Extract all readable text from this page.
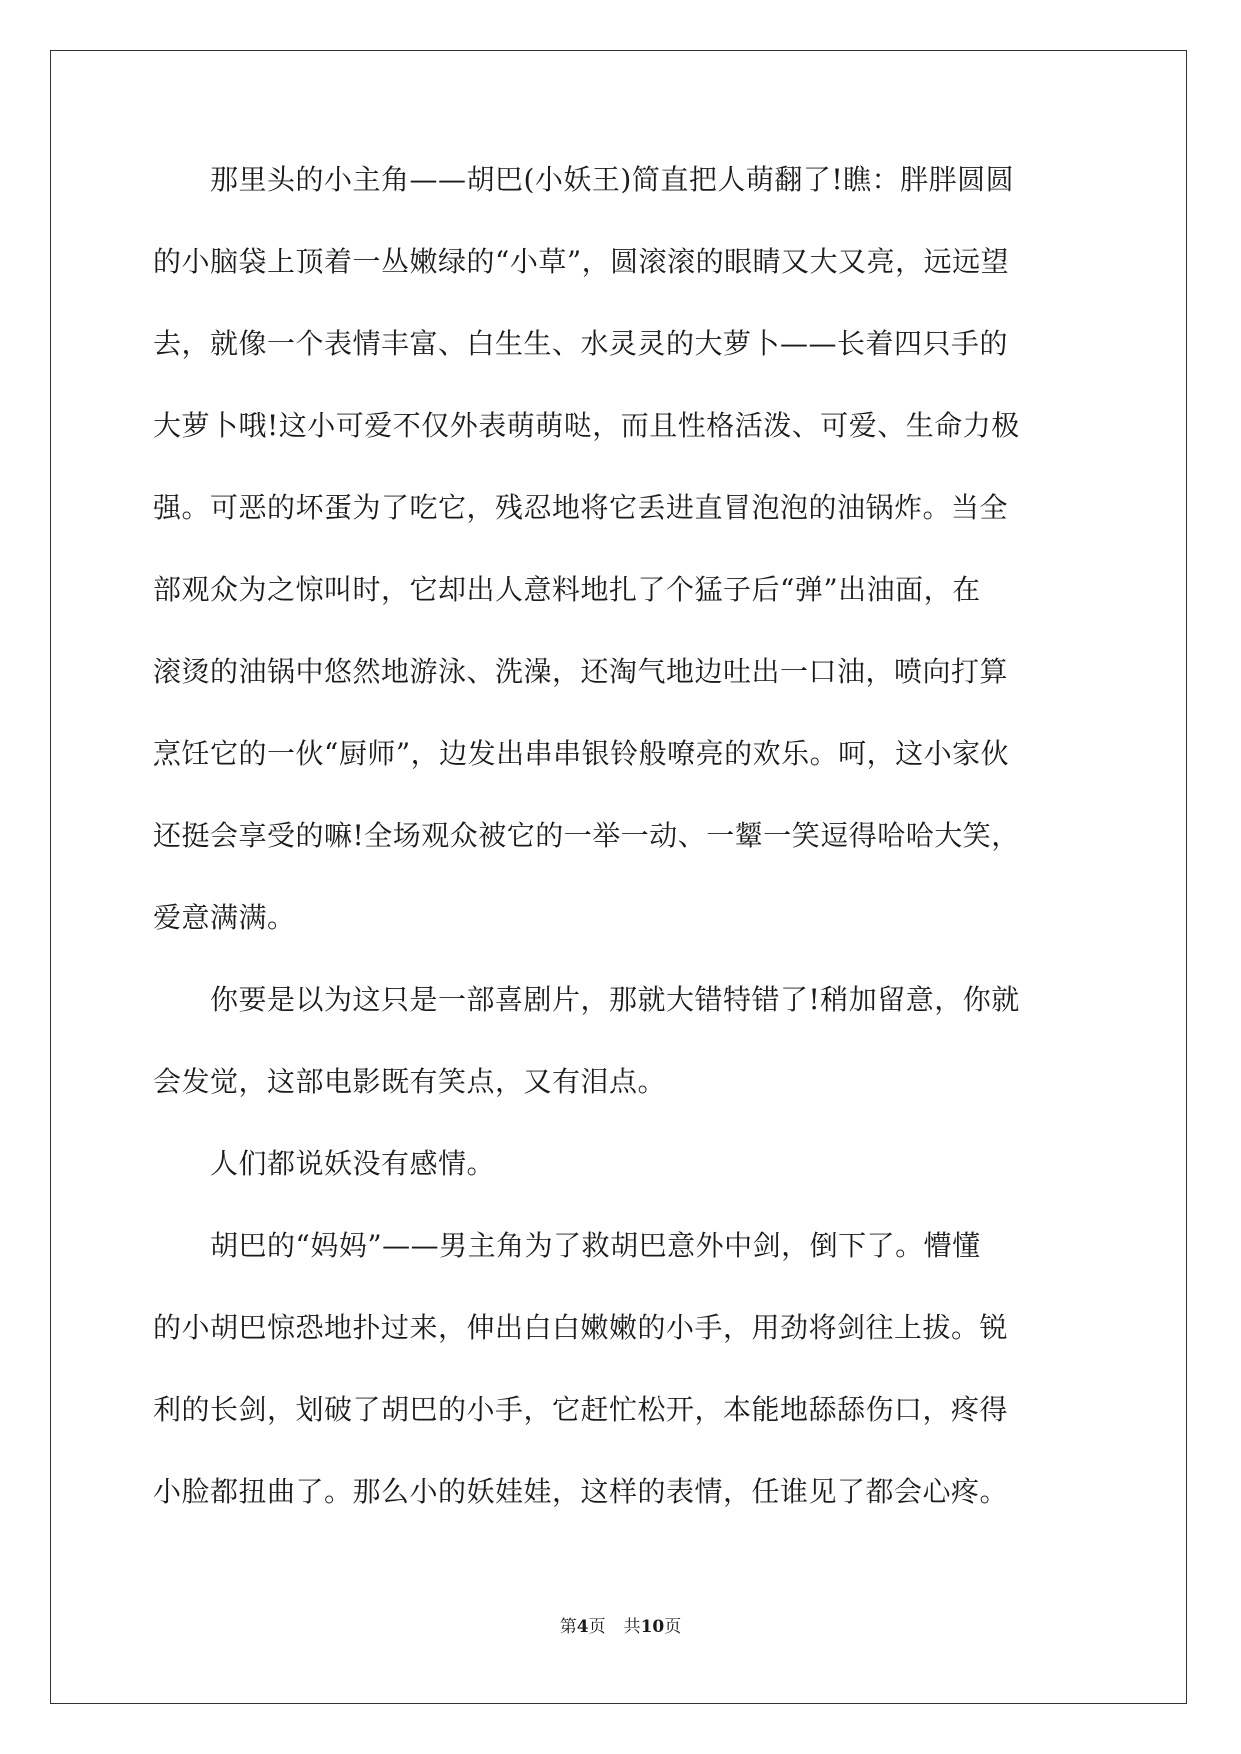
　　那里头的小主角——胡巴(小妖王)简直把人萌翻了!瞧：胖胖圆圆
的小脑袋上顶着一丛嫩绿的“小草”，圆滚滚的眼睛又大又亮，远远望
去，就像一个表情丰富、白生生、水灵灵的大萝卜——长着四只手的
大萝卜哦!这小可爱不仅外表萌萌哒，而且性格活泼、可爱、生命力极
强。可恶的坏蛋为了吃它，残忍地将它丢进直冒泡泡的油锅炸。当全
部观众为之惊叫时，它却出人意料地扎了个猛子后“弹”出油面，在
滚烫的油锅中悠然地游泳、洗澡，还淘气地边吐出一口油，喷向打算
烹饪它的一伙“厨师”，边发出串串银铃般嘹亮的欢乐。呵，这小家伙
还挺会享受的嘛!全场观众被它的一举一动、一颦一笑逗得哈哈大笑，
爱意满满。
　　你要是以为这只是一部喜剧片，那就大错特错了!稍加留意，你就
会发觉，这部电影既有笑点，又有泪点。
　　人们都说妖没有感情。
　　胡巴的“妈妈”——男主角为了救胡巴意外中剑，倒下了。懵懂
的小胡巴惊恐地扑过来，伸出白白嫩嫩的小手，用劲将剑往上拔。锐
利的长剑，划破了胡巴的小手，它赶忙松开，本能地舔舔伤口，疼得
小脸都扭曲了。那么小的妖娃娃，这样的表情，任谁见了都会心疼。
第4页 共10页
